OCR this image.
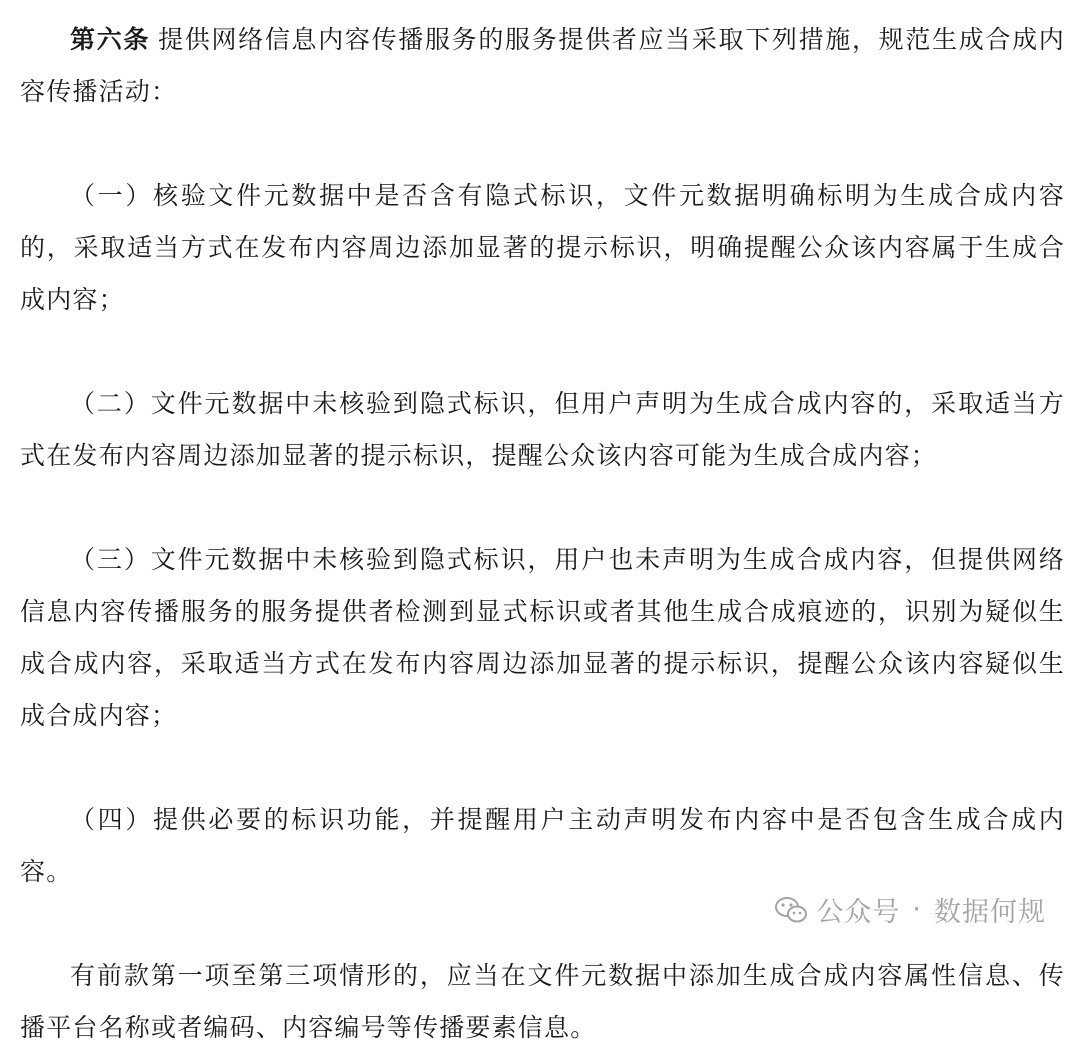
第六条 提供网络信息内容传播服务的服务提供者应当采取下列措施，规范生成合成内容传播活动：

（一）核验文件元数据中是否含有隐式标识，文件元数据明确标明为生成合成内容的，采取适当方式在发布内容周边添加显著的提示标识，明确提醒公众该内容属于生成合成内容；

（二）文件元数据中未核验到隐式标识，但用户声明为生成合成内容的，采取适当方式在发布内容周边添加显著的提示标识，提醒公众该内容可能为生成合成内容；

（三）文件元数据中未核验到隐式标识，用户也未声明为生成合成内容，但提供网络信息内容传播服务的服务提供者检测到显式标识或者其他生成合成痕迹的，识别为疑似生成合成内容，采取适当方式在发布内容周边添加显著的提示标识，提醒公众该内容疑似生成合成内容；

（四）提供必要的标识功能，并提醒用户主动声明发布内容中是否包含生成合成内容。

有前款第一项至第三项情形的，应当在文件元数据中添加生成合成内容属性信息、传播平台名称或者编码、内容编号等传播要素信息。

公众号 · 数据何规
